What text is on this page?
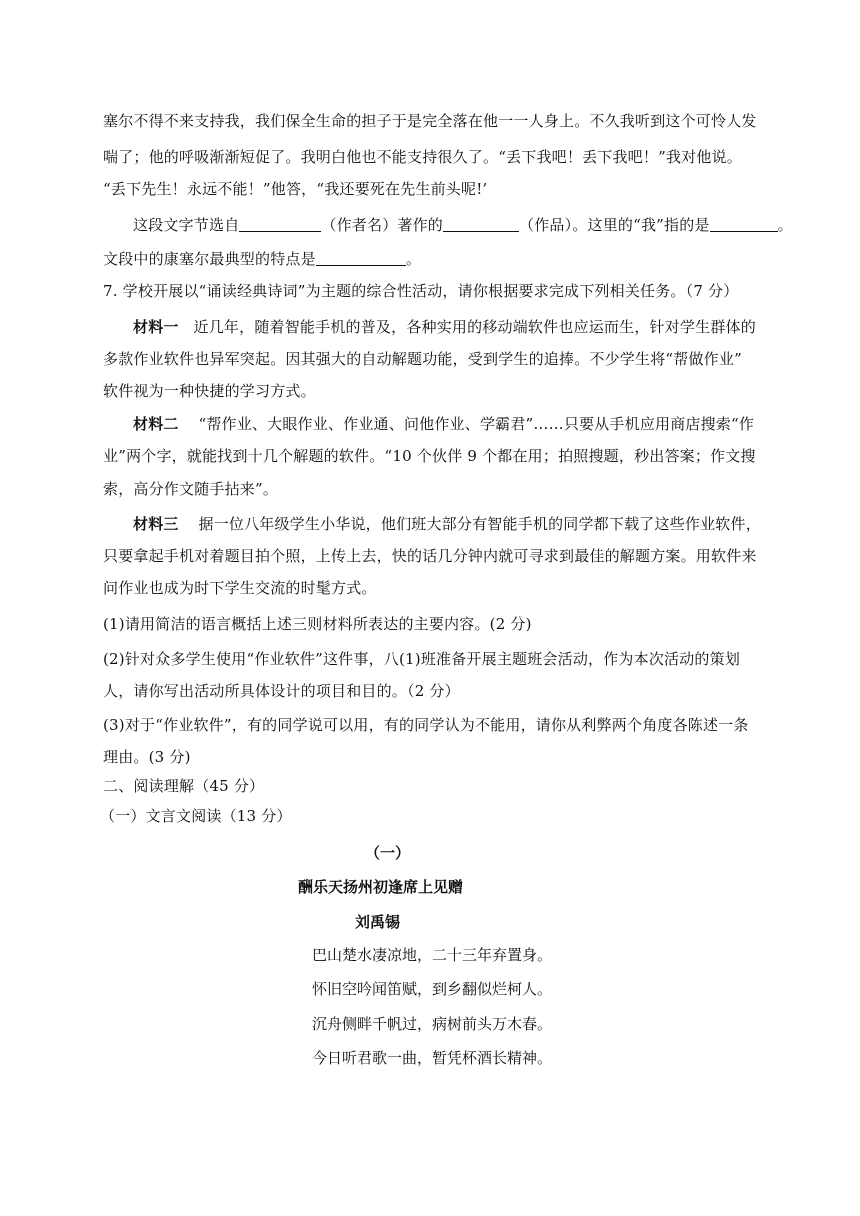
塞尔不得不来支持我，我们保全生命的担子于是完全落在他一一人身上。不久我听到这个可怜人发
喘了；他的呼吸渐渐短促了。我明白他也不能支持很久了。“丢下我吧！丢下我吧！”我对他说。
“丢下先生！永远不能！”他答，“我还要死在先生前头呢!’
这段文字节选自	（作者名）著作的	（作品）。这里的“我”指的是	。
文段中的康塞尔最典型的特点是	。
7. 学校开展以“诵读经典诗词”为主题的综合性活动，请你根据要求完成下列相关任务。（7 分）
材料一 近几年，随着智能手机的普及，各种实用的移动端软件也应运而生，针对学生群体的
多款作业软件也异军突起。因其强大的自动解题功能，受到学生的追捧。不少学生将“帮做作业”
软件视为一种快捷的学习方式。
材料二 “帮作业、大眼作业、作业通、问他作业、学霸君”……只要从手机应用商店搜索“作
业”两个字，就能找到十几个解题的软件。“10 个伙伴 9 个都在用；拍照搜题，秒出答案；作文搜
索，高分作文随手拈来”。
材料三 据一位八年级学生小华说，他们班大部分有智能手机的同学都下载了这些作业软件，
只要拿起手机对着题目拍个照，上传上去，快的话几分钟内就可寻求到最佳的解题方案。用软件来
问作业也成为时下学生交流的时髦方式。
(1)请用简洁的语言概括上述三则材料所表达的主要内容。(2 分)
(2)针对众多学生使用“作业软件”这件事，八(1)班准备开展主题班会活动，作为本次活动的策划
人，请你写出活动所具体设计的项目和目的。（2 分）
(3)对于“作业软件”，有的同学说可以用，有的同学认为不能用，请你从利弊两个角度各陈述一条
理由。(3 分)
二、阅读理解（45 分）
（一）文言文阅读（13 分）
（一）
酬乐天扬州初逢席上见赠
刘禹锡
巴山楚水凄凉地，二十三年弃置身。
怀旧空吟闻笛赋，到乡翻似烂柯人。
沉舟侧畔千帆过，病树前头万木春。
今日听君歌一曲，暂凭杯酒长精神。
